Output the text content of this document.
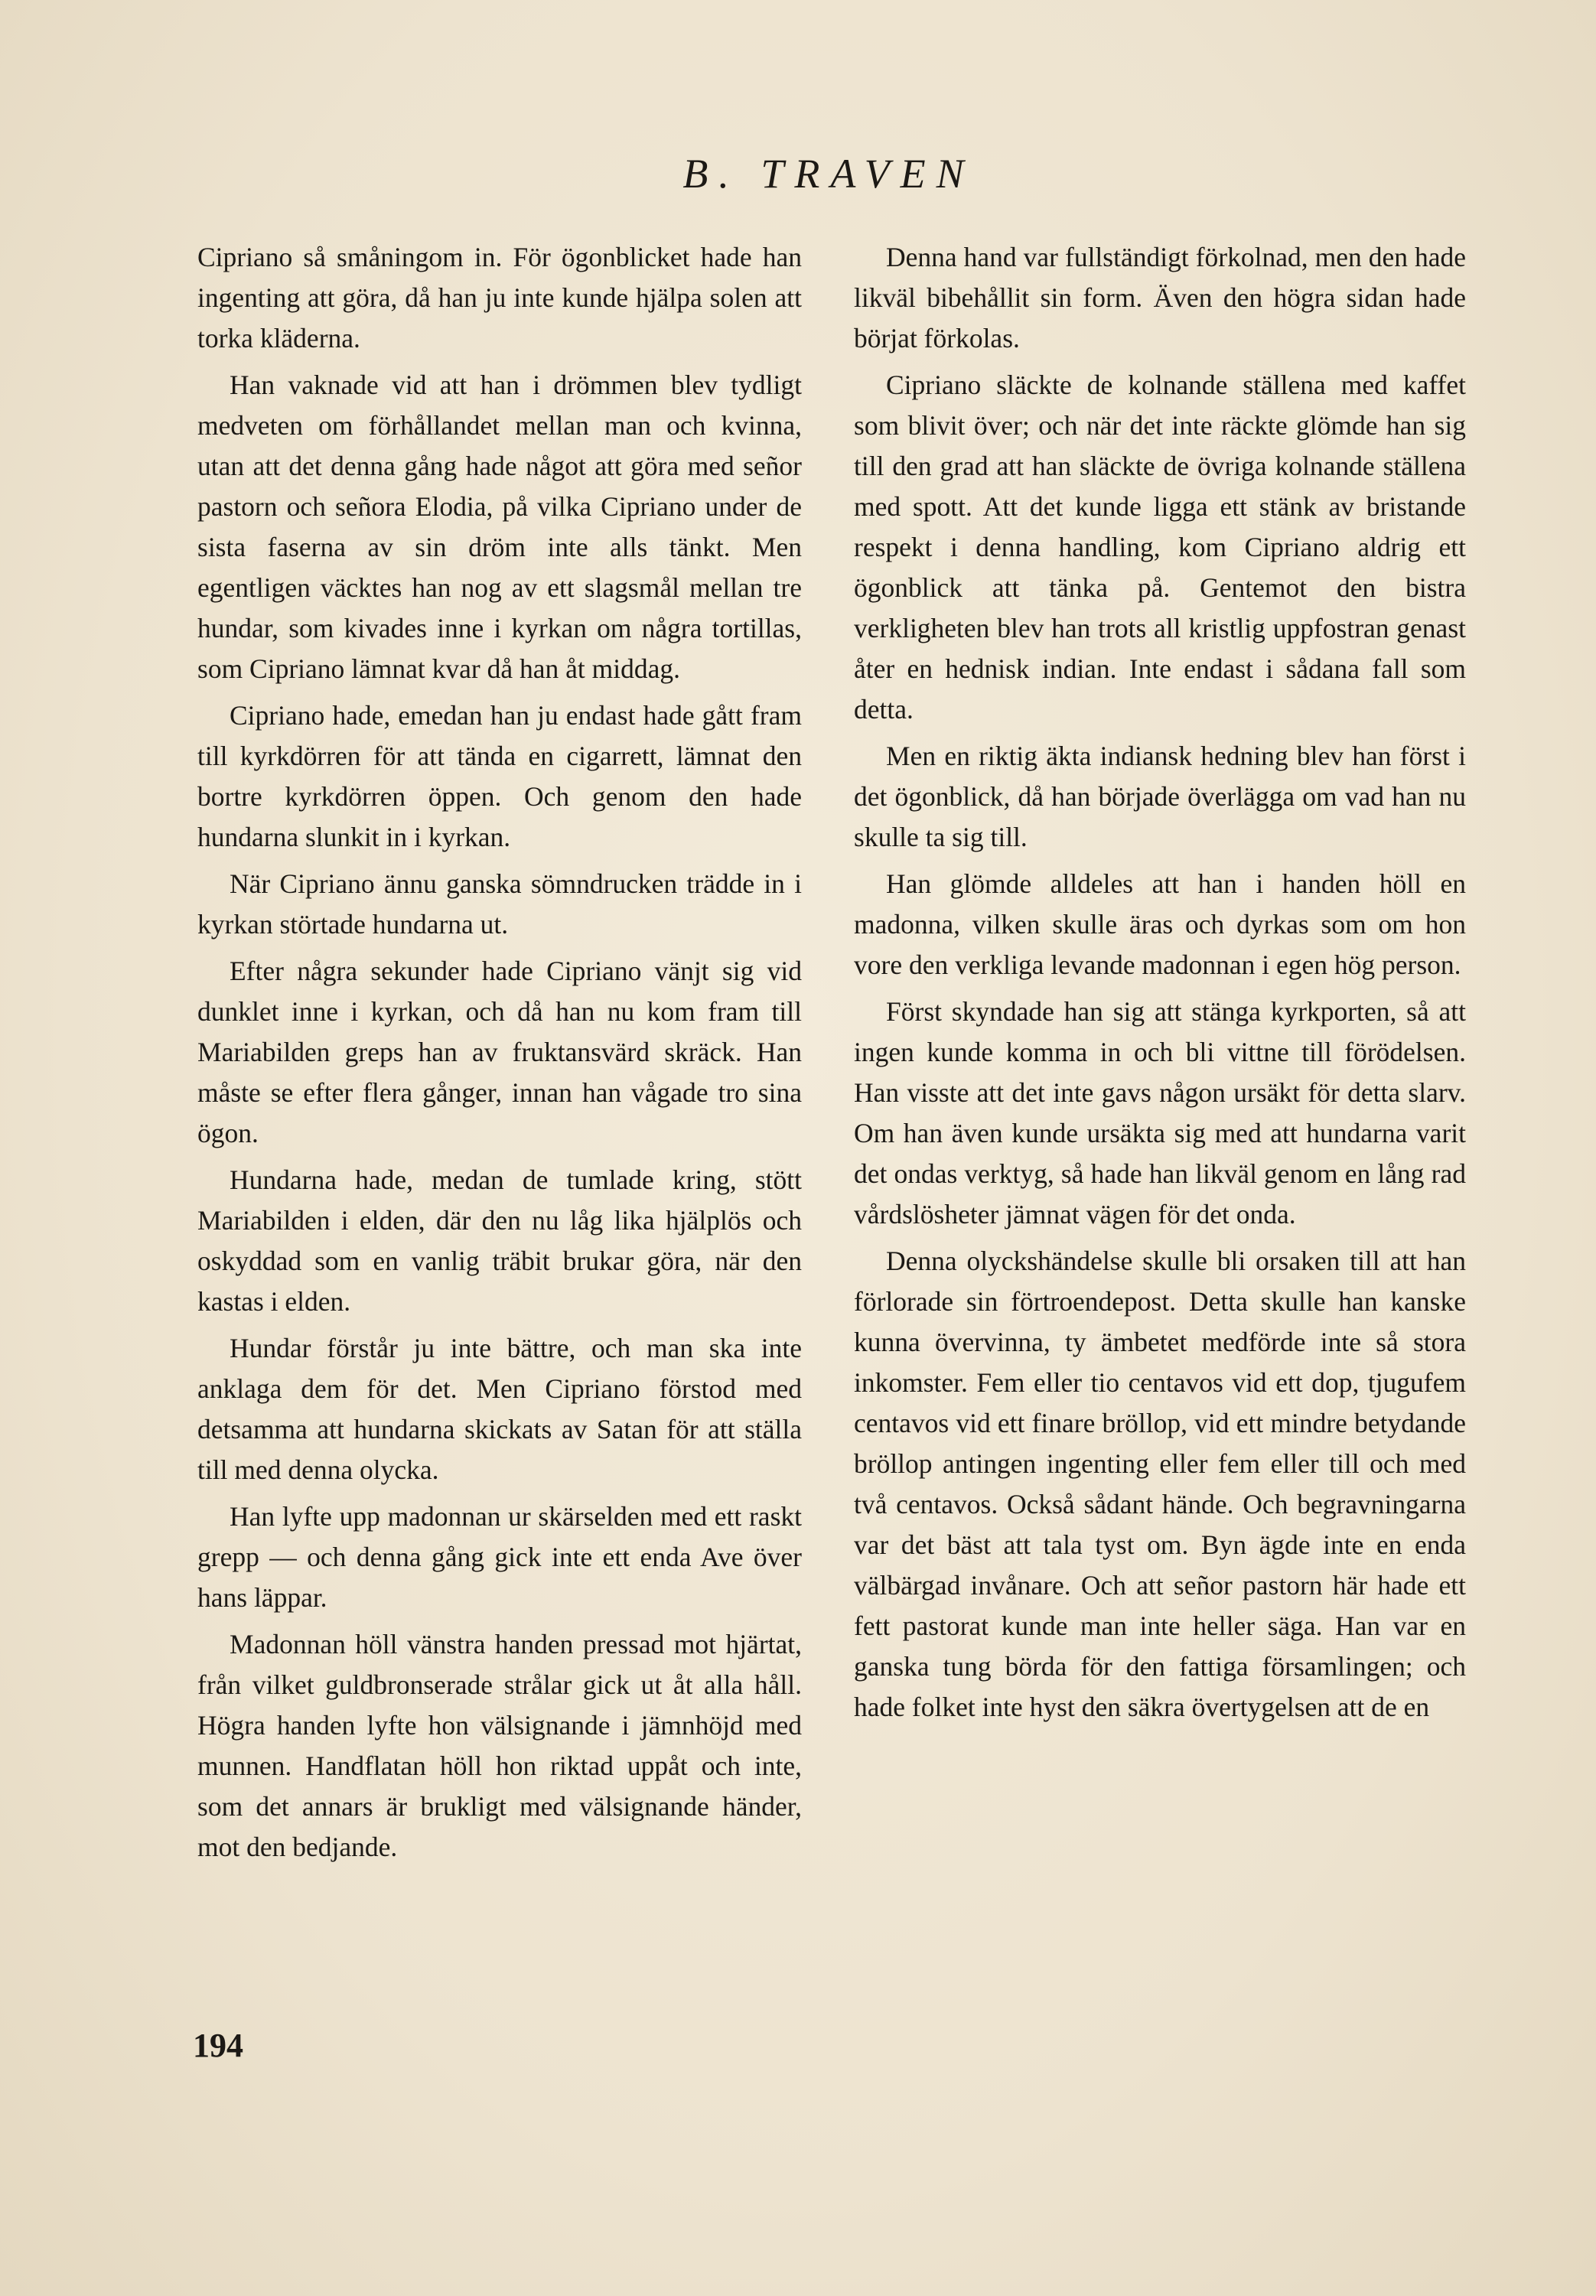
B. TRAVEN

Cipriano så småningom in. För ögonblicket hade han ingenting att göra, då han ju inte kunde hjälpa solen att torka kläderna.

Han vaknade vid att han i drömmen blev tydligt medveten om förhållandet mellan man och kvinna, utan att det denna gång hade något att göra med señor pastorn och señora Elodia, på vilka Cipriano under de sista faserna av sin dröm inte alls tänkt. Men egentligen väcktes han nog av ett slagsmål mellan tre hundar, som kivades inne i kyrkan om några tortillas, som Cipriano lämnat kvar då han åt middag.

Cipriano hade, emedan han ju endast hade gått fram till kyrkdörren för att tända en cigarrett, lämnat den bortre kyrkdörren öppen. Och genom den hade hundarna slunkit in i kyrkan.

När Cipriano ännu ganska sömndrucken trädde in i kyrkan störtade hundarna ut.

Efter några sekunder hade Cipriano vänjt sig vid dunklet inne i kyrkan, och då han nu kom fram till Mariabilden greps han av fruktansvärd skräck. Han måste se efter flera gånger, innan han vågade tro sina ögon.

Hundarna hade, medan de tumlade kring, stött Mariabilden i elden, där den nu låg lika hjälplös och oskyddad som en vanlig träbit brukar göra, när den kastas i elden.

Hundar förstår ju inte bättre, och man ska inte anklaga dem för det. Men Cipriano förstod med detsamma att hundarna skickats av Satan för att ställa till med denna olycka.

Han lyfte upp madonnan ur skärselden med ett raskt grepp — och denna gång gick inte ett enda Ave över hans läppar.

Madonnan höll vänstra handen pressad mot hjärtat, från vilket guldbronserade strålar gick ut åt alla håll. Högra handen lyfte hon välsignande i jämnhöjd med munnen. Handflatan höll hon riktad uppåt och inte, som det annars är brukligt med välsignande händer, mot den bedjande.

Denna hand var fullständigt förkolnad, men den hade likväl bibehållit sin form. Även den högra sidan hade börjat förkolas.

Cipriano släckte de kolnande ställena med kaffet som blivit över; och när det inte räckte glömde han sig till den grad att han släckte de övriga kolnande ställena med spott. Att det kunde ligga ett stänk av bristande respekt i denna handling, kom Cipriano aldrig ett ögonblick att tänka på. Gentemot den bistra verkligheten blev han trots all kristlig uppfostran genast åter en hednisk indian. Inte endast i sådana fall som detta.

Men en riktig äkta indiansk hedning blev han först i det ögonblick, då han började överlägga om vad han nu skulle ta sig till.

Han glömde alldeles att han i handen höll en madonna, vilken skulle äras och dyrkas som om hon vore den verkliga levande madonnan i egen hög person.

Först skyndade han sig att stänga kyrkporten, så att ingen kunde komma in och bli vittne till förödelsen. Han visste att det inte gavs någon ursäkt för detta slarv. Om han även kunde ursäkta sig med att hundarna varit det ondas verktyg, så hade han likväl genom en lång rad vårdslösheter jämnat vägen för det onda.

Denna olyckshändelse skulle bli orsaken till att han förlorade sin förtroendepost. Detta skulle han kanske kunna övervinna, ty ämbetet medförde inte så stora inkomster. Fem eller tio centavos vid ett dop, tjugufem centavos vid ett finare bröllop, vid ett mindre betydande bröllop antingen ingenting eller fem eller till och med två centavos. Också sådant hände. Och begravningarna var det bäst att tala tyst om. Byn ägde inte en enda välbärgad invånare. Och att señor pastorn här hade ett fett pastorat kunde man inte heller säga. Han var en ganska tung börda för den fattiga församlingen; och hade folket inte hyst den säkra övertygelsen att de en

194
